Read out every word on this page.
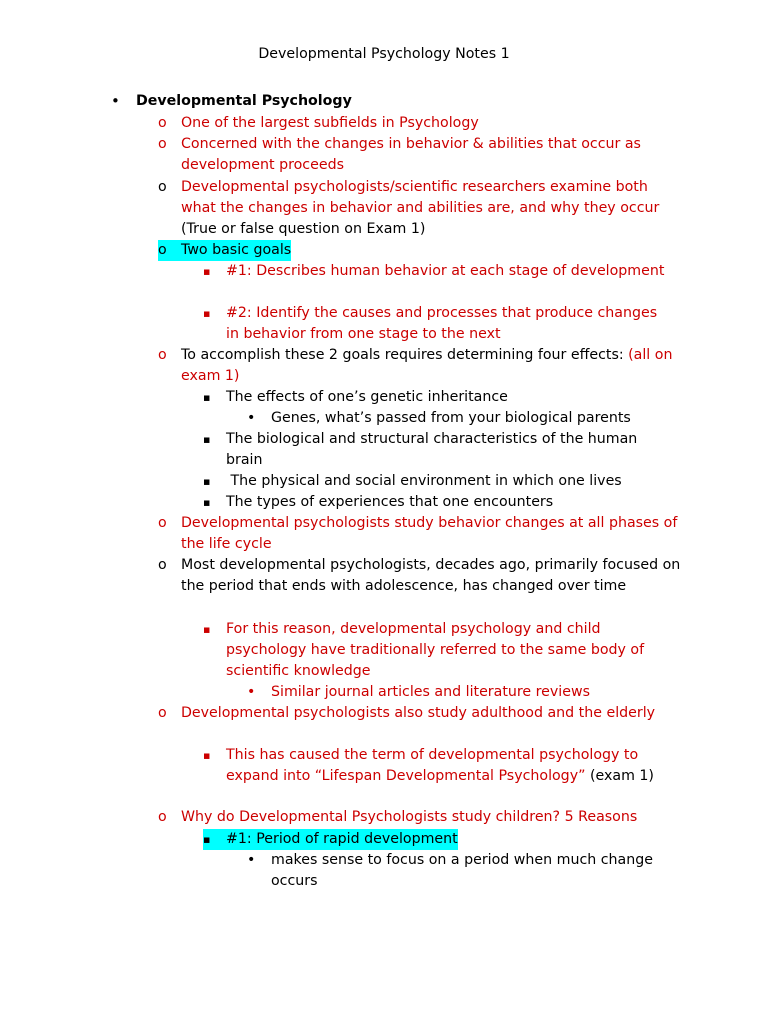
Developmental Psychology Notes 1
• Developmental Psychology
o One of the largest subfields in Psychology
o Concerned with the changes in behavior & abilities that occur as development proceeds
o Developmental psychologists/scientific researchers examine both what the changes in behavior and abilities are, and why they occur (True or false question on Exam 1)
o Two basic goals
▪ #1: Describes human behavior at each stage of development
▪ #2: Identify the causes and processes that produce changes in behavior from one stage to the next
o To accomplish these 2 goals requires determining four effects: (all on exam 1)
▪ The effects of one’s genetic inheritance
• Genes, what’s passed from your biological parents
▪ The biological and structural characteristics of the human brain
▪ The physical and social environment in which one lives
▪ The types of experiences that one encounters
o Developmental psychologists study behavior changes at all phases of the life cycle
o Most developmental psychologists, decades ago, primarily focused on the period that ends with adolescence, has changed over time
▪ For this reason, developmental psychology and child psychology have traditionally referred to the same body of scientific knowledge
• Similar journal articles and literature reviews
o Developmental psychologists also study adulthood and the elderly
▪ This has caused the term of developmental psychology to expand into “Lifespan Developmental Psychology” (exam 1)
o Why do Developmental Psychologists study children? 5 Reasons
▪ #1: Period of rapid development
• makes sense to focus on a period when much change occurs
